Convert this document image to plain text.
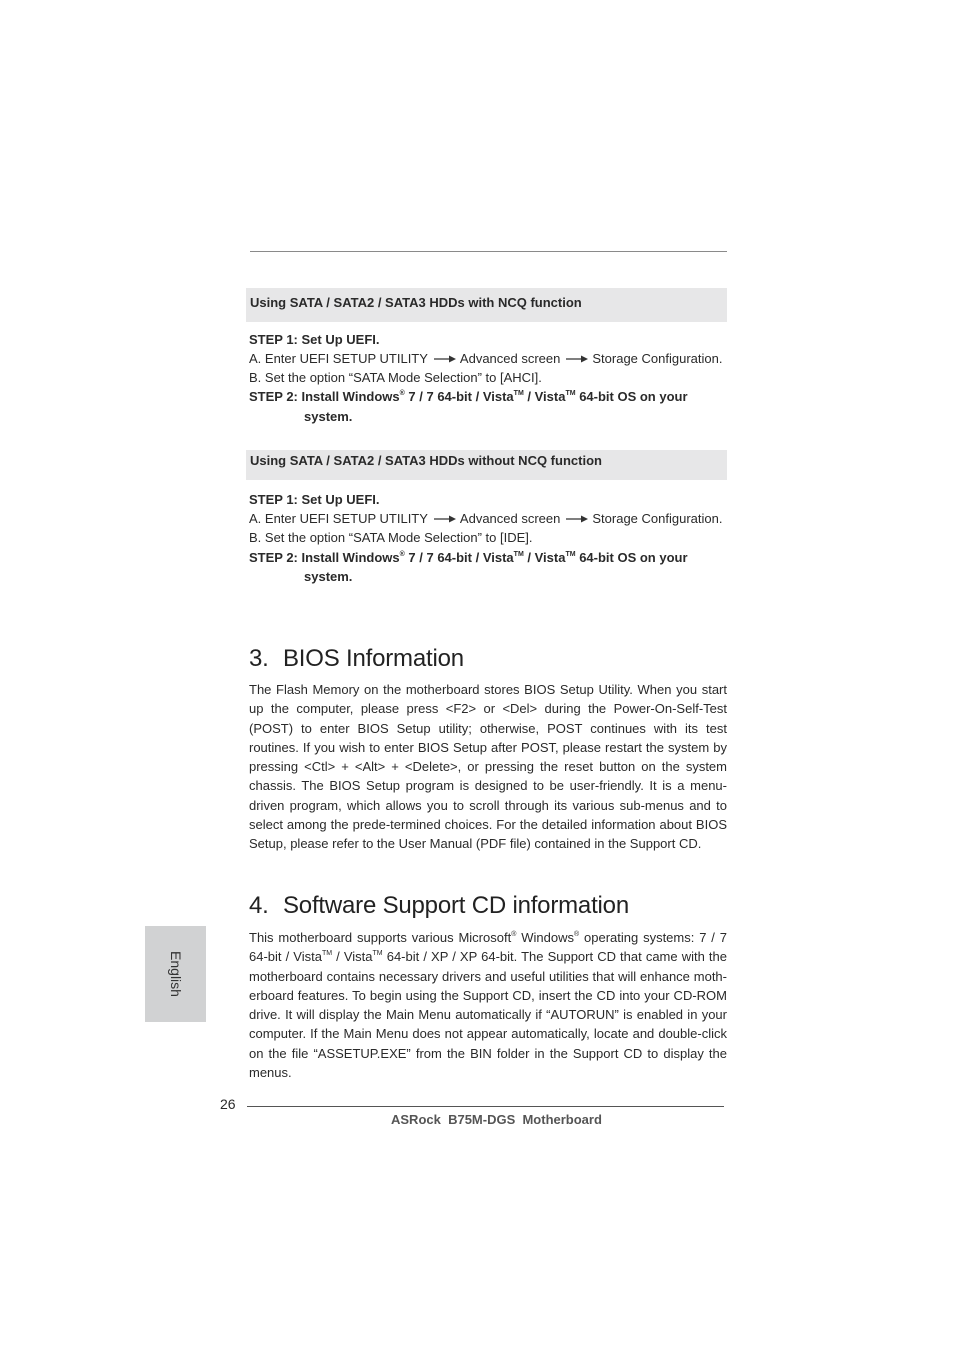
Using SATA / SATA2 / SATA3 HDDs with NCQ function
STEP 1: Set Up UEFI.
A. Enter UEFI SETUP UTILITY Advanced screen Storage Configuration.
B. Set the option “SATA Mode Selection” to [AHCI].
STEP 2: Install Windows® 7 / 7 64-bit / Vista™ / Vista™ 64-bit OS on your
system.
Using SATA / SATA2 / SATA3 HDDs without NCQ function
STEP 1: Set Up UEFI.
A. Enter UEFI SETUP UTILITY Advanced screen Storage Configuration.
B. Set the option “SATA Mode Selection” to [IDE].
STEP 2: Install Windows® 7 / 7 64-bit / Vista™ / Vista™ 64-bit OS on your
system.
3. BIOS Information

The Flash Memory on the motherboard stores BIOS Setup Utility. When you start up the computer, please press <F2> or <Del> during the Power-On-Self-Test (POST) to enter BIOS Setup utility; otherwise, POST continues with its test routines. If you wish to enter BIOS Setup after POST, please restart the system by pressing <Ctl> + <Alt> + <Delete>, or pressing the reset button on the system chassis. The BIOS Setup program is designed to be user-friendly. It is a menu-driven program, which allows you to scroll through its various sub-menus and to select among the prede-termined choices. For the detailed information about BIOS Setup, please refer to the User Manual (PDF file) contained in the Support CD.

4. Software Support CD information

This motherboard supports various Microsoft® Windows® operating systems: 7 / 7 64-bit / Vista™ / Vista™ 64-bit / XP / XP 64-bit. The Support CD that came with the motherboard contains necessary drivers and useful utilities that will enhance moth-erboard features. To begin using the Support CD, insert the CD into your CD-ROM drive. It will display the Main Menu automatically if “AUTORUN” is enabled in your computer. If the Main Menu does not appear automatically, locate and double-click on the file “ASSETUP.EXE” from the BIN folder in the Support CD to display the menus.

English
26
ASRock  B75M-DGS  Motherboard
